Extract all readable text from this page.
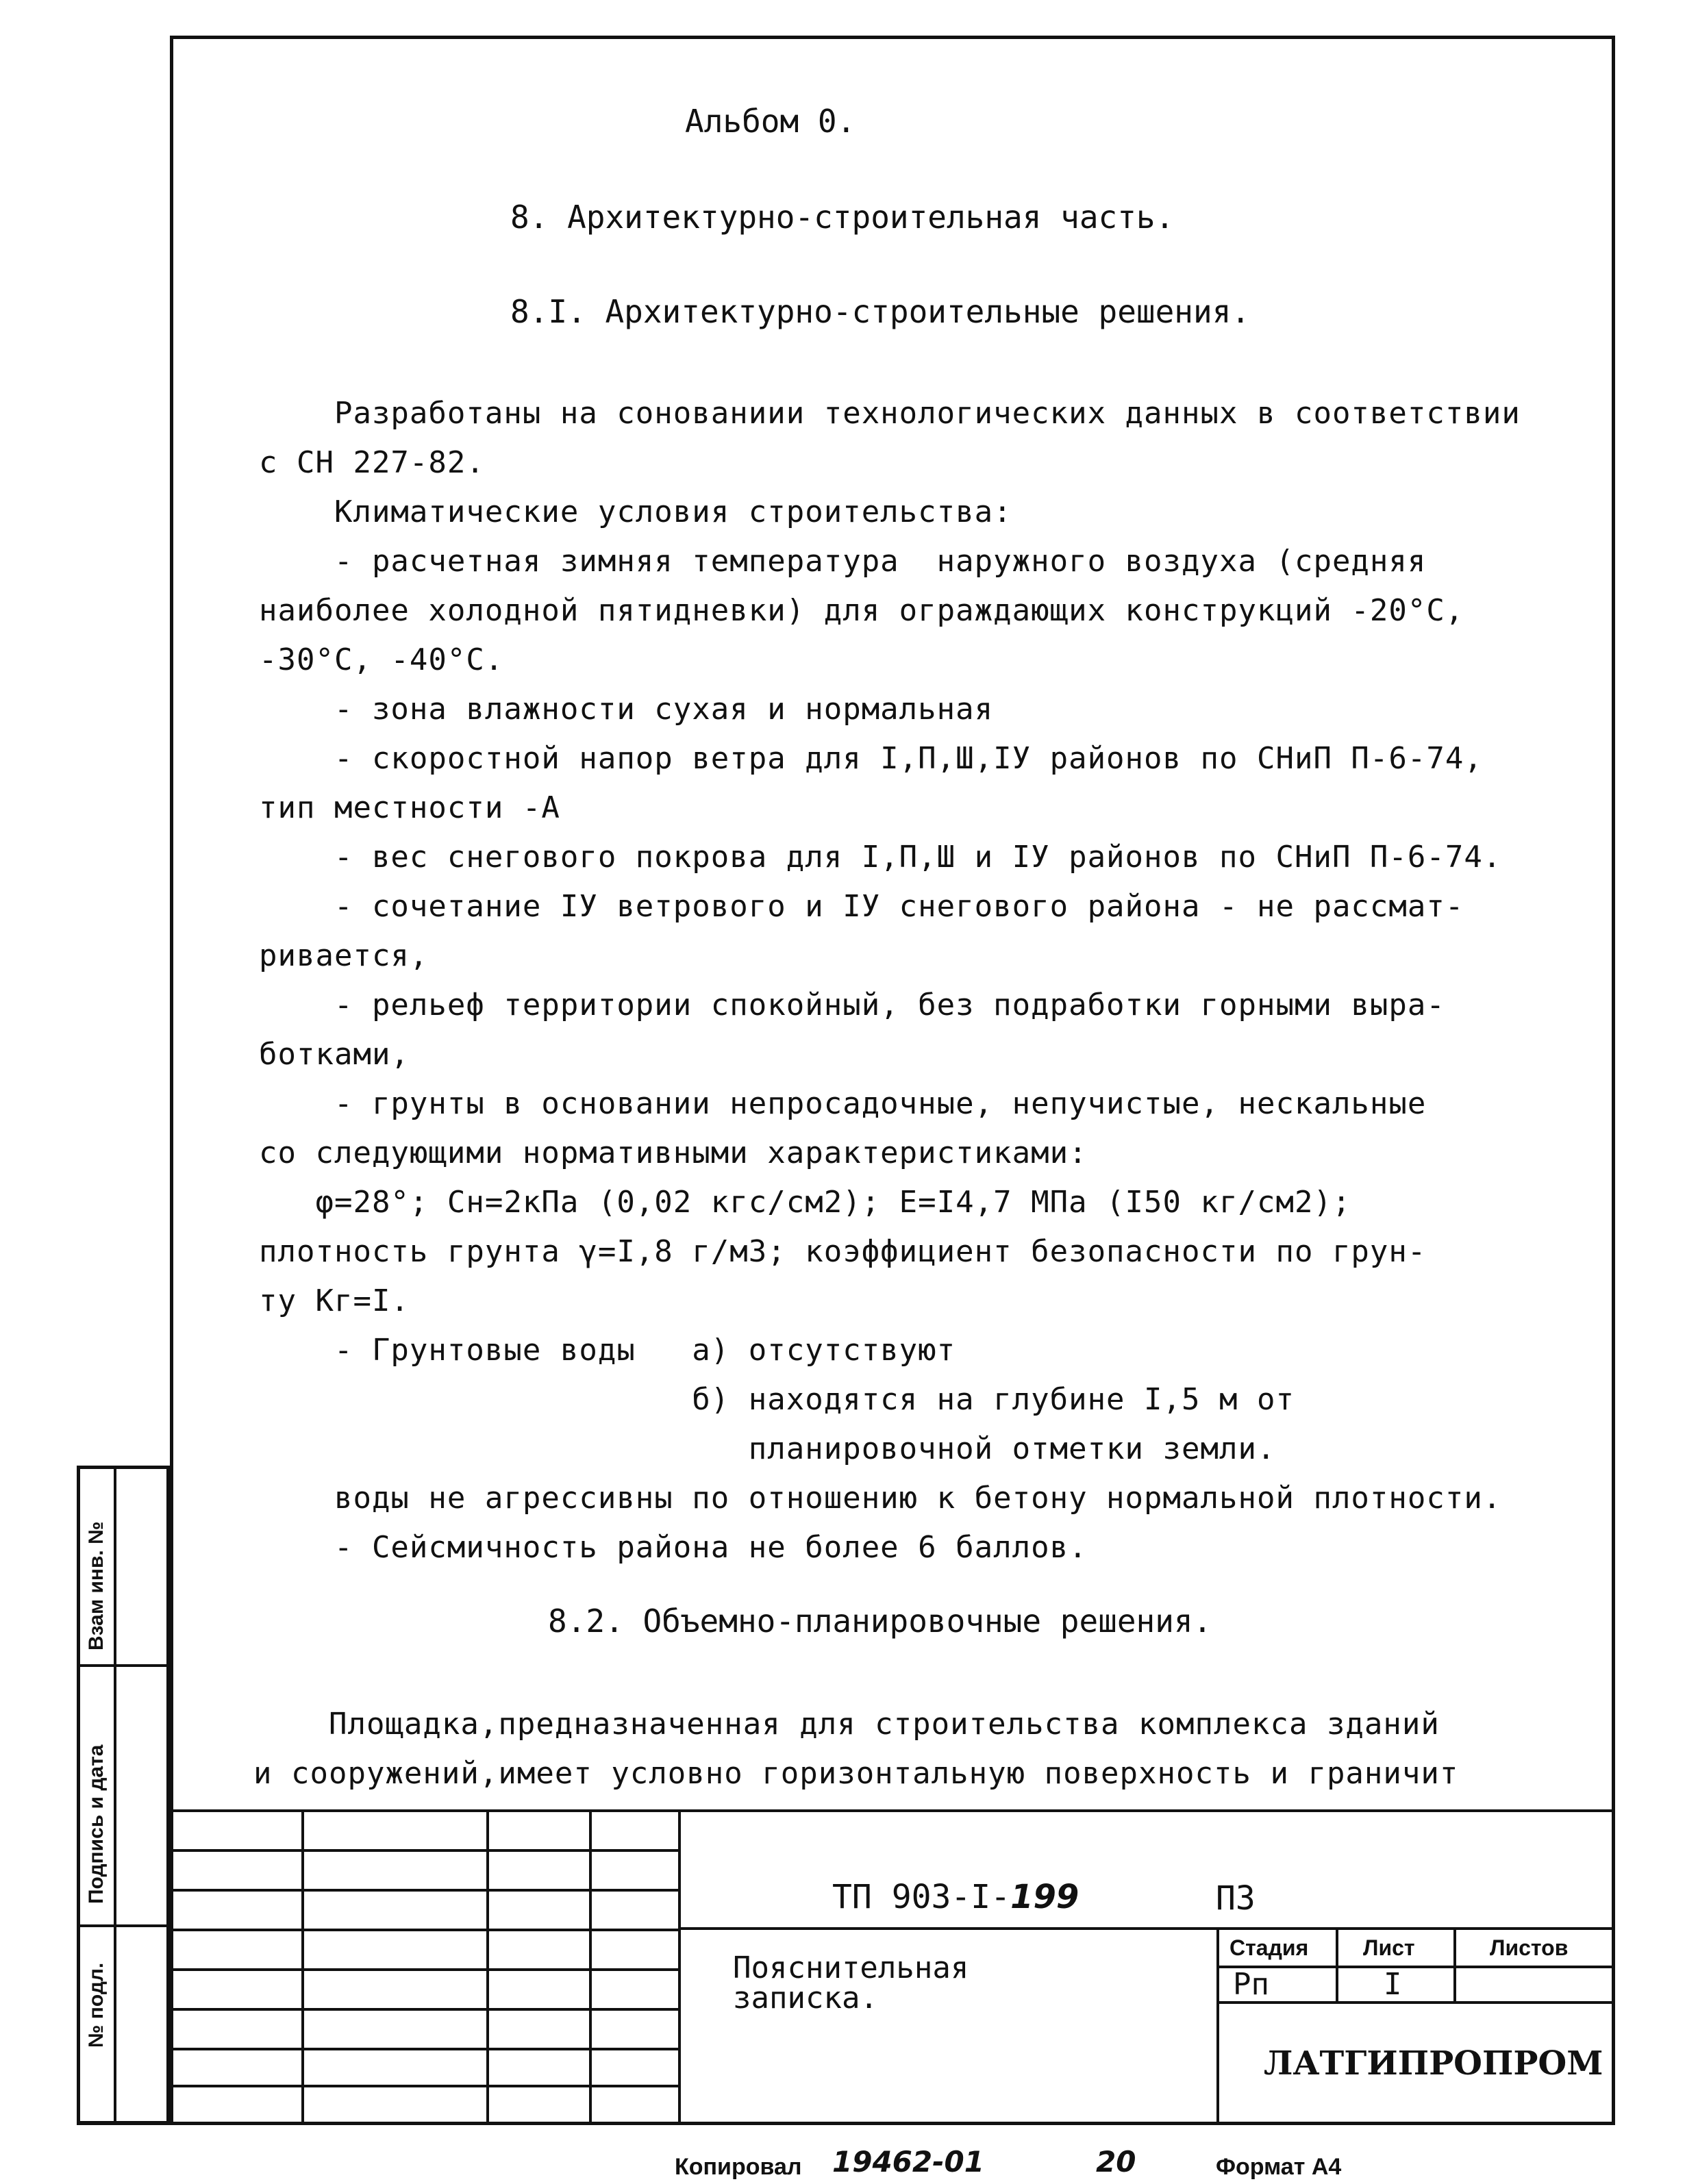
Альбом 0.
8. Архитектурно-строительная часть.
8.I. Архитектурно-строительные решения.
Разработаны на сонованиии технологических данных в соответствии
с СН 227-82.
Климатические условия строительства:
- расчетная зимняя температура  наружного воздуха (средняя
наиболее холодной пятидневки) для ограждающих конструкций -20°С,
-30°С, -40°С.
- зона влажности сухая и нормальная
- скоростной напор ветра для I,П,Ш,IУ районов по СНиП П-6-74,
тип местности -А
- вес снегового покрова для I,П,Ш и IУ районов по СНиП П-6-74.
- сочетание IУ ветрового и IУ снегового района - не рассмат-
ривается,
- рельеф территории спокойный, без подработки горными выра-
ботками,
- грунты в основании непросадочные, непучистые, нескальные
со следующими нормативными характеристиками:
φ=28°; Сн=2кПа (0,02 кгс/см2); Е=I4,7 МПа (I50 кг/см2);
плотность грунта γ=I,8 г/м3; коэффициент безопасности по грун-
ту Кг=I.
- Грунтовые воды   а) отсутствуют
б) находятся на глубине I,5 м от
планировочной отметки земли.
воды не агрессивны по отношению к бетону нормальной плотности.
- Сейсмичность района не более 6 баллов.
8.2. Объемно-планировочные решения.
Площадка,предназначенная для строительства комплекса зданий
и сооружений,имеет условно горизонтальную поверхность и граничит
Взам инв. №
Подпись и дата
№ подл.
ТП 903-I-199	ПЗ
Пояснительная записка.
Стадия Лист	Листов
Рп	I
ЛАТГИПРОПРОМ
Копировал 19462-01	20	Формат А4
